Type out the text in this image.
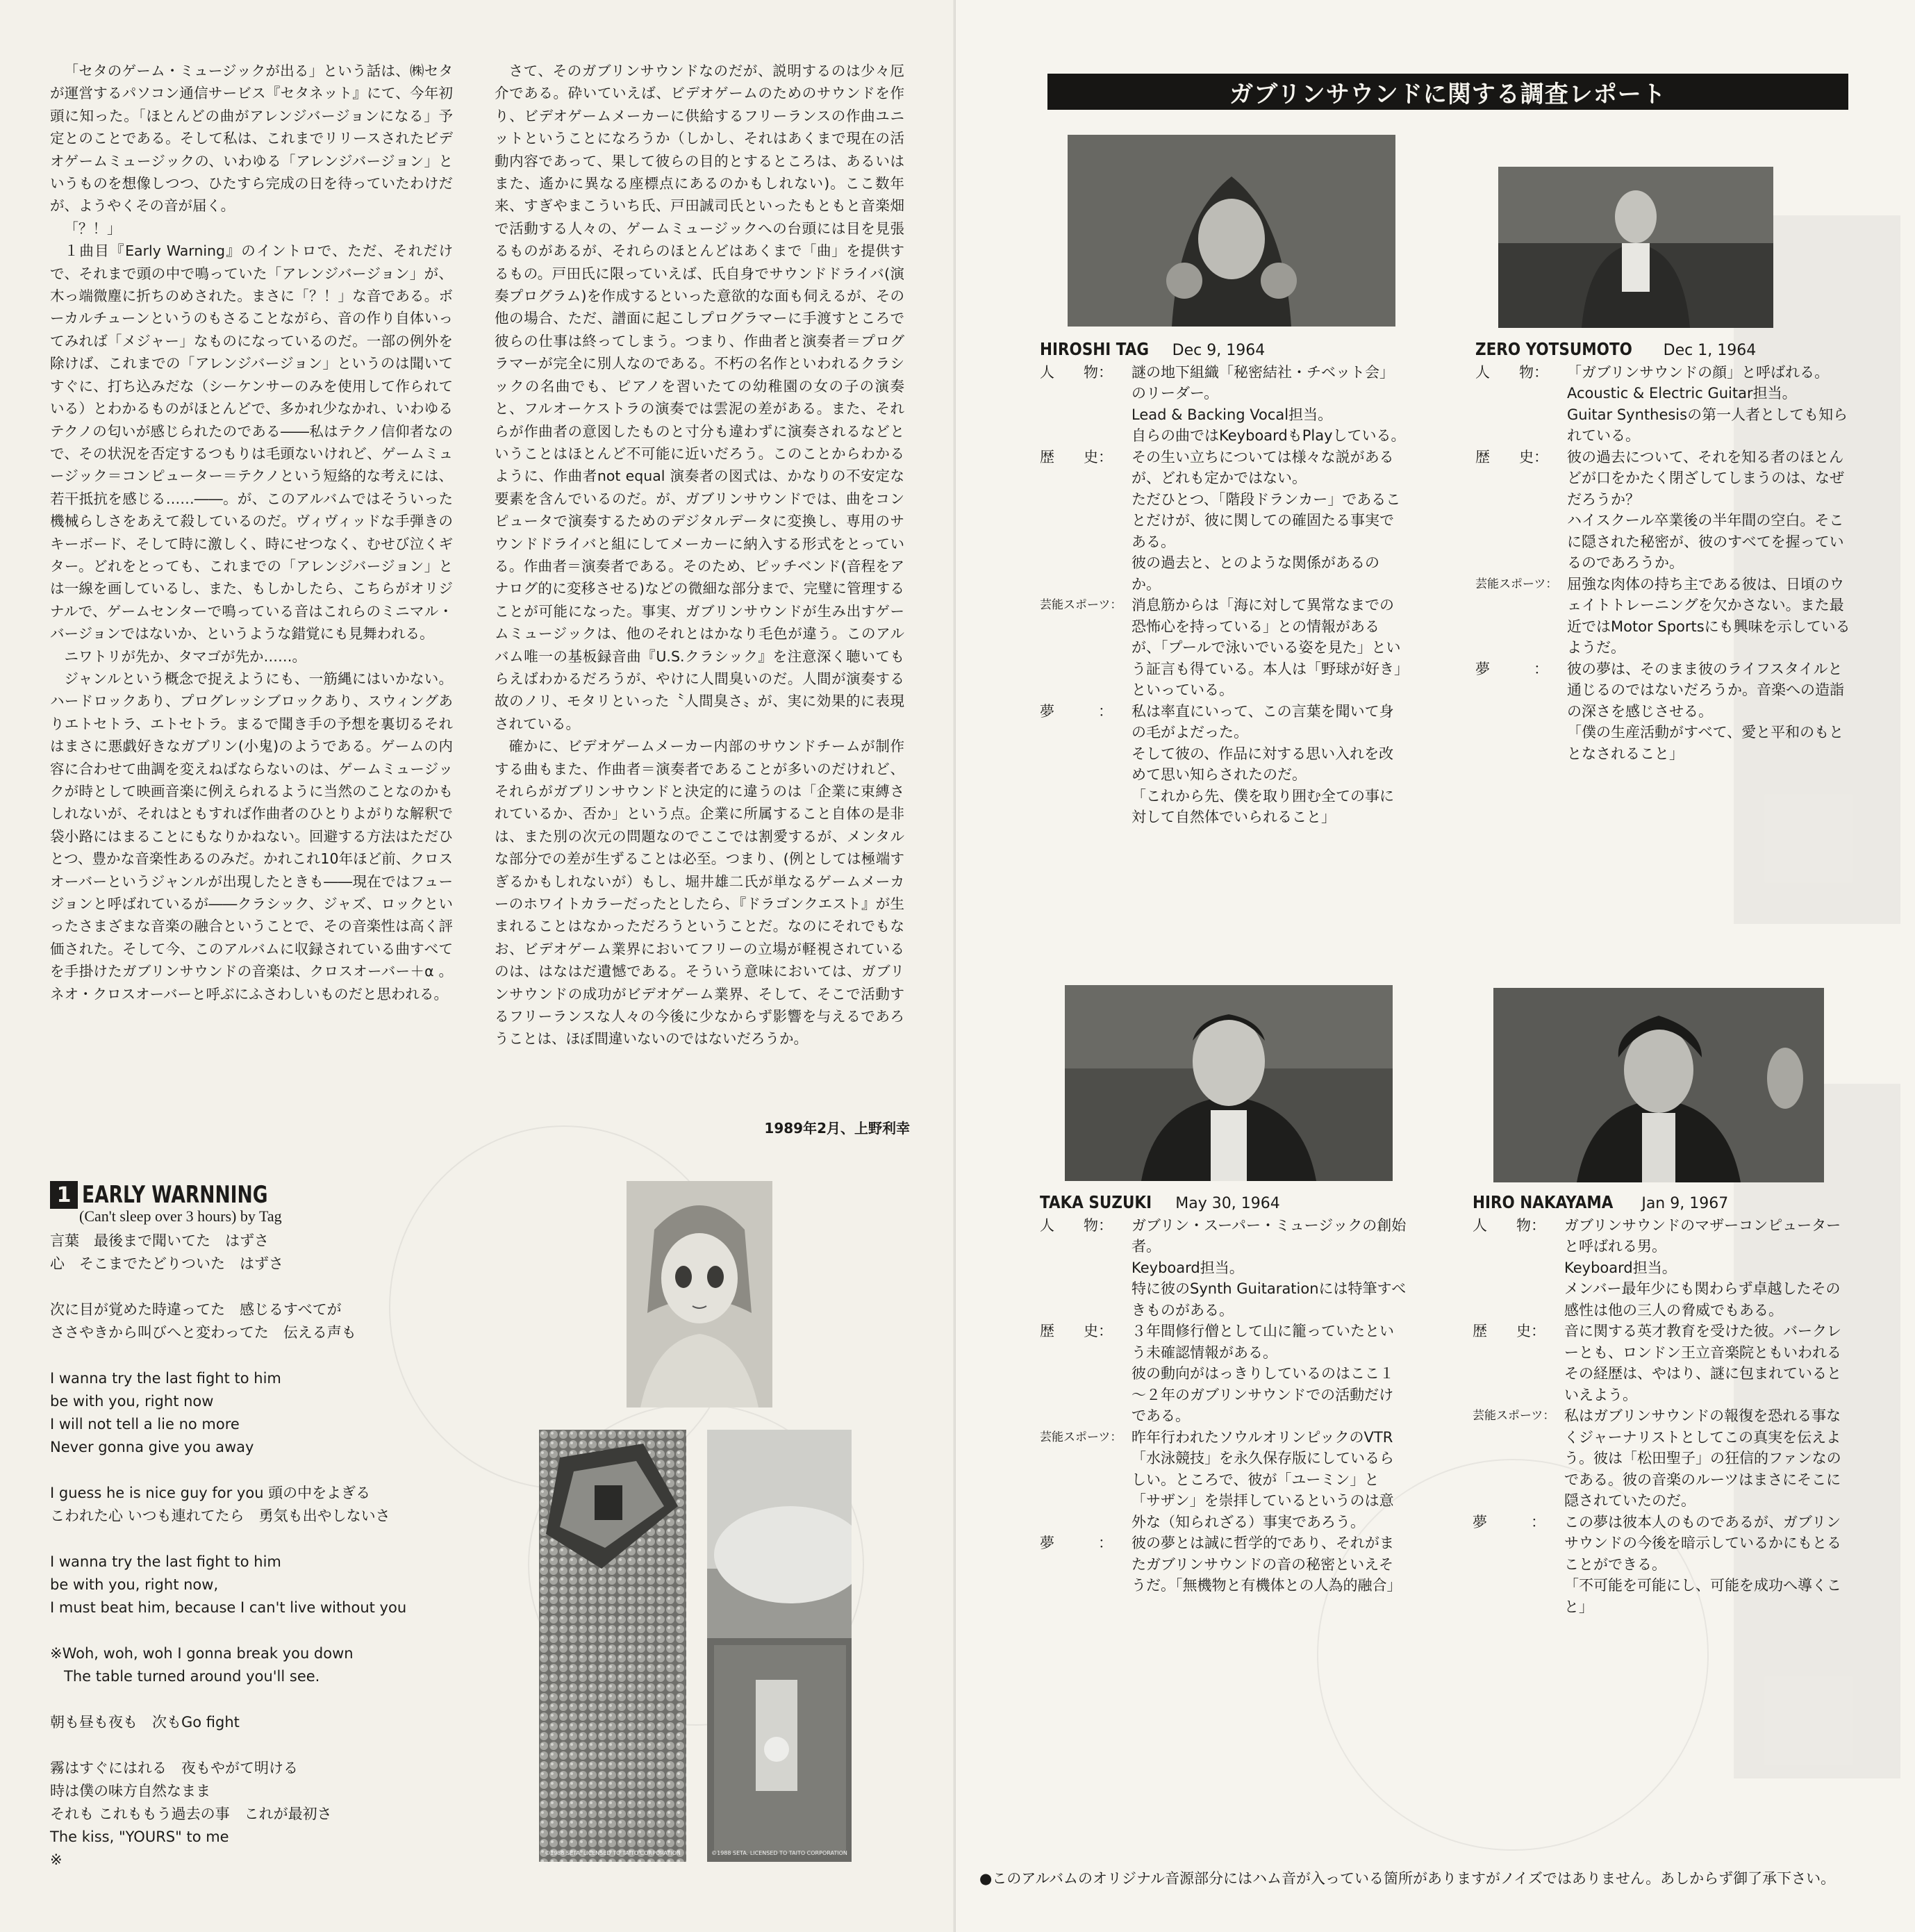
「セタのゲーム・ミュージックが出る」という話は、㈱セタが運営するパソコン通信サービス『セタネット』にて、今年初頭に知った。「ほとんどの曲がアレンジバージョンになる」予定とのことである。そして私は、これまでリリースされたビデオゲームミュージックの、いわゆる「アレンジバージョン」というものを想像しつつ、ひたすら完成の日を待っていたわけだが、ようやくその音が届く。

「？！」

１曲目『Early Warning』のイントロで、ただ、それだけで、それまで頭の中で鳴っていた「アレンジバージョン」が、木っ端微塵に折ちのめされた。まさに「？！」な音である。ボーカルチューンというのもさることながら、音の作り自体いってみれば「メジャー」なものになっているのだ。一部の例外を除けば、これまでの「アレンジバージョン」というのは聞いてすぐに、打ち込みだな（シーケンサーのみを使用して作られている）とわかるものがほとんどで、多かれ少なかれ、いわゆるテクノの匂いが感じられたのである――私はテクノ信仰者なので、その状況を否定するつもりは毛頭ないけれど、ゲームミュージック＝コンピューター＝テクノという短絡的な考えには、若干抵抗を感じる……――。が、このアルバムではそういった機械らしさをあえて殺しているのだ。ヴィヴィッドな手弾きのキーボード、そして時に激しく、時にせつなく、むせび泣くギター。どれをとっても、これまでの「アレンジバージョン」とは一線を画しているし、また、もしかしたら、こちらがオリジナルで、ゲームセンターで鳴っている音はこれらのミニマル・バージョンではないか、というような錯覚にも見舞われる。

ニワトリが先か、タマゴが先か……。

ジャンルという概念で捉えようにも、一筋縄にはいかない。ハードロックあり、プログレッシブロックあり、スウィングありエトセトラ、エトセトラ。まるで聞き手の予想を裏切るそれはまさに悪戯好きなガブリン(小鬼)のようである。ゲームの内容に合わせて曲調を変えねばならないのは、ゲームミュージックが時として映画音楽に例えられるように当然のことなのかもしれないが、それはともすれば作曲者のひとりよがりな解釈で袋小路にはまることにもなりかねない。回避する方法はただひとつ、豊かな音楽性あるのみだ。かれこれ10年ほど前、クロスオーバーというジャンルが出現したときも――現在ではフュージョンと呼ばれているが――クラシック、ジャズ、ロックといったさまざまな音楽の融合ということで、その音楽性は高く評価された。そして今、このアルバムに収録されている曲すべてを手掛けたガブリンサウンドの音楽は、クロスオーバー＋α 。ネオ・クロスオーバーと呼ぶにふさわしいものだと思われる。

さて、そのガブリンサウンドなのだが、説明するのは少々厄介である。砕いていえば、ビデオゲームのためのサウンドを作り、ビデオゲームメーカーに供給するフリーランスの作曲ユニットということになろうか（しかし、それはあくまで現在の活動内容であって、果して彼らの目的とするところは、あるいはまた、遙かに異なる座標点にあるのかもしれない)。ここ数年来、すぎやまこういち氏、戸田誠司氏といったもともと音楽畑で活動する人々の、ゲームミュージックへの台頭には目を見張るものがあるが、それらのほとんどはあくまで「曲」を提供するもの。戸田氏に限っていえば、氏自身でサウンドドライバ(演奏プログラム)を作成するといった意欲的な面も伺えるが、その他の場合、ただ、譜面に起こしプログラマーに手渡すところで彼らの仕事は終ってしまう。つまり、作曲者と演奏者＝プログラマーが完全に別人なのである。不朽の名作といわれるクラシックの名曲でも、ピアノを習いたての幼稚園の女の子の演奏と、フルオーケストラの演奏では雲泥の差がある。また、それらが作曲者の意図したものと寸分も違わずに演奏されるなどということはほとんど不可能に近いだろう。このことからわかるように、作曲者not equal 演奏者の図式は、かなりの不安定な要素を含んでいるのだ。が、ガブリンサウンドでは、曲をコンピュータで演奏するためのデジタルデータに変換し、専用のサウンドドライバと組にしてメーカーに納入する形式をとっている。作曲者＝演奏者である。そのため、ピッチベンド(音程をアナログ的に変移させる)などの微細な部分まで、完璧に管理することが可能になった。事実、ガブリンサウンドが生み出すゲームミュージックは、他のそれとはかなり毛色が違う。このアルバム唯一の基板録音曲『U.S.クラシック』を注意深く聴いてもらえばわかるだろうが、やけに人間臭いのだ。人間が演奏する故のノリ、モタリといった〝人間臭さ〟が、実に効果的に表現されている。

確かに、ビデオゲームメーカー内部のサウンドチームが制作する曲もまた、作曲者＝演奏者であることが多いのだけれど、それらがガブリンサウンドと決定的に違うのは「企業に束縛されているか、否か」という点。企業に所属すること自体の是非は、また別の次元の問題なのでここでは割愛するが、メンタルな部分での差が生ずることは必至。つまり、(例としては極端すぎるかもしれないが）もし、堀井雄二氏が単なるゲームメーカーのホワイトカラーだったとしたら、『ドラゴンクエスト』が生まれることはなかっただろうということだ。なのにそれでもなお、ビデオゲーム業界においてフリーの立場が軽視されているのは、はなはだ遺憾である。そういう意味においては、ガブリンサウンドの成功がビデオゲーム業界、そして、そこで活動するフリーランスな人々の今後に少なからず影響を与えるであろうことは、ほぼ間違いないのではないだろうか。

1989年2月、上野利幸
1 EARLY WARNNING
(Can't sleep over 3 hours) by Tag
言葉　最後まで聞いてた　はずさ
心　そこまでたどりついた　はずさ
次に目が覚めた時違ってた　感じるすべてが
ささやきから叫びへと変わってた　伝える声も
I wanna try the last fight to him
be with you, right now
I will not tell a lie no more
Never gonna give you away
I guess he is nice guy for you 頭の中をよぎる
こわれた心 いつも連れてたら　勇気も出やしないさ
I wanna try the last fight to him
be with you, right now,
I must beat him, because I can't live without you
※Woh, woh, woh I gonna break you down
The table turned around you'll see.
朝も昼も夜も　次もGo fight
霧はすぐにはれる　夜もやがて明ける
時は僕の味方自然なまま
それも これももう過去の事　これが最初さ
The kiss, "YOURS" to me
※	©1988 SETA. LICENSED TO TAITO CORPORATION	©1988 SETA. LICENSED TO TAITO CORPORATION
ガブリンサウンドに関する調査レポート
HIROSHI TAG Dec 9, 1964
人　　物：	謎の地下組織「秘密結社・チベット会」のリーダー。
Lead & Backing Vocal担当。
自らの曲ではKeyboardもPlayしている。
歴　　史：	その生い立ちについては様々な説があるが、どれも定かではない。
ただひとつ、「階段ドランカー」であることだけが、彼に関しての確固たる事実である。
彼の過去と、とのような関係があるのか。
芸能スポーツ： 消息筋からは「海に対して異常なまでの恐怖心を持っている」との情報があるが、「プールで泳いでいる姿を見た」という証言も得ている。本人は「野球が好き」といっている。
夢　　　：	私は率直にいって、この言葉を聞いて身の毛がよだった。
そして彼の、作品に対する思い入れを改めて思い知らされたのだ。
「これから先、僕を取り囲む全ての事に対して自然体でいられること」
ZERO YOTSUMOTO Dec 1, 1964
人　　物：	「ガブリンサウンドの顔」と呼ばれる。
Acoustic & Electric Guitar担当。
Guitar Synthesisの第一人者としても知られている。
歴　　史：	彼の過去について、それを知る者のほとんどが口をかたく閉ざしてしまうのは、なぜだろうか？
ハイスクール卒業後の半年間の空白。そこに隠された秘密が、彼のすべてを握っているのであろうか。
芸能スポーツ： 屈強な肉体の持ち主である彼は、日頃のウェイトトレーニングを欠かさない。また最近ではMotor Sportsにも興味を示しているようだ。
夢　　　：	彼の夢は、そのまま彼のライフスタイルと通じるのではないだろうか。音楽への造詣の深さを感じさせる。
「僕の生産活動がすべて、愛と平和のもととなされること」
TAKA SUZUKI May 30, 1964
人　　物：	ガブリン・スーパー・ミュージックの創始者。
Keyboard担当。
特に彼のSynth Guitarationには特筆すべきものがある。
歴　　史：	３年間修行僧として山に籠っていたという未確認情報がある。
彼の動向がはっきりしているのはここ１～２年のガブリンサウンドでの活動だけである。
芸能スポーツ： 昨年行われたソウルオリンピックのVTR「水泳競技」を永久保存版にしているらしい。ところで、彼が「ユーミン」と「サザン」を崇拝しているというのは意外な（知られざる）事実であろう。
夢　　　：	彼の夢とは誠に哲学的であり、それがまたガブリンサウンドの音の秘密といえそうだ。「無機物と有機体との人為的融合」
HIRO NAKAYAMA Jan 9, 1967
人　　物：	ガブリンサウンドのマザーコンピューターと呼ばれる男。
Keyboard担当。
メンバー最年少にも関わらず卓越したその感性は他の三人の脅威でもある。
歴　　史：	音に関する英才教育を受けた彼。バークレーとも、ロンドン王立音楽院ともいわれるその経歴は、やはり、謎に包まれているといえよう。
芸能スポーツ： 私はガブリンサウンドの報復を恐れる事なくジャーナリストとしてこの真実を伝えよう。彼は「松田聖子」の狂信的ファンなのである。彼の音楽のルーツはまさにそこに隠されていたのだ。
夢　　　：	この夢は彼本人のものであるが、ガブリンサウンドの今後を暗示しているかにもとることができる。
「不可能を可能にし、可能を成功へ導くこと」
●このアルバムのオリジナル音源部分にはハム音が入っている箇所がありますがノイズではありません。あしからず御了承下さい。
